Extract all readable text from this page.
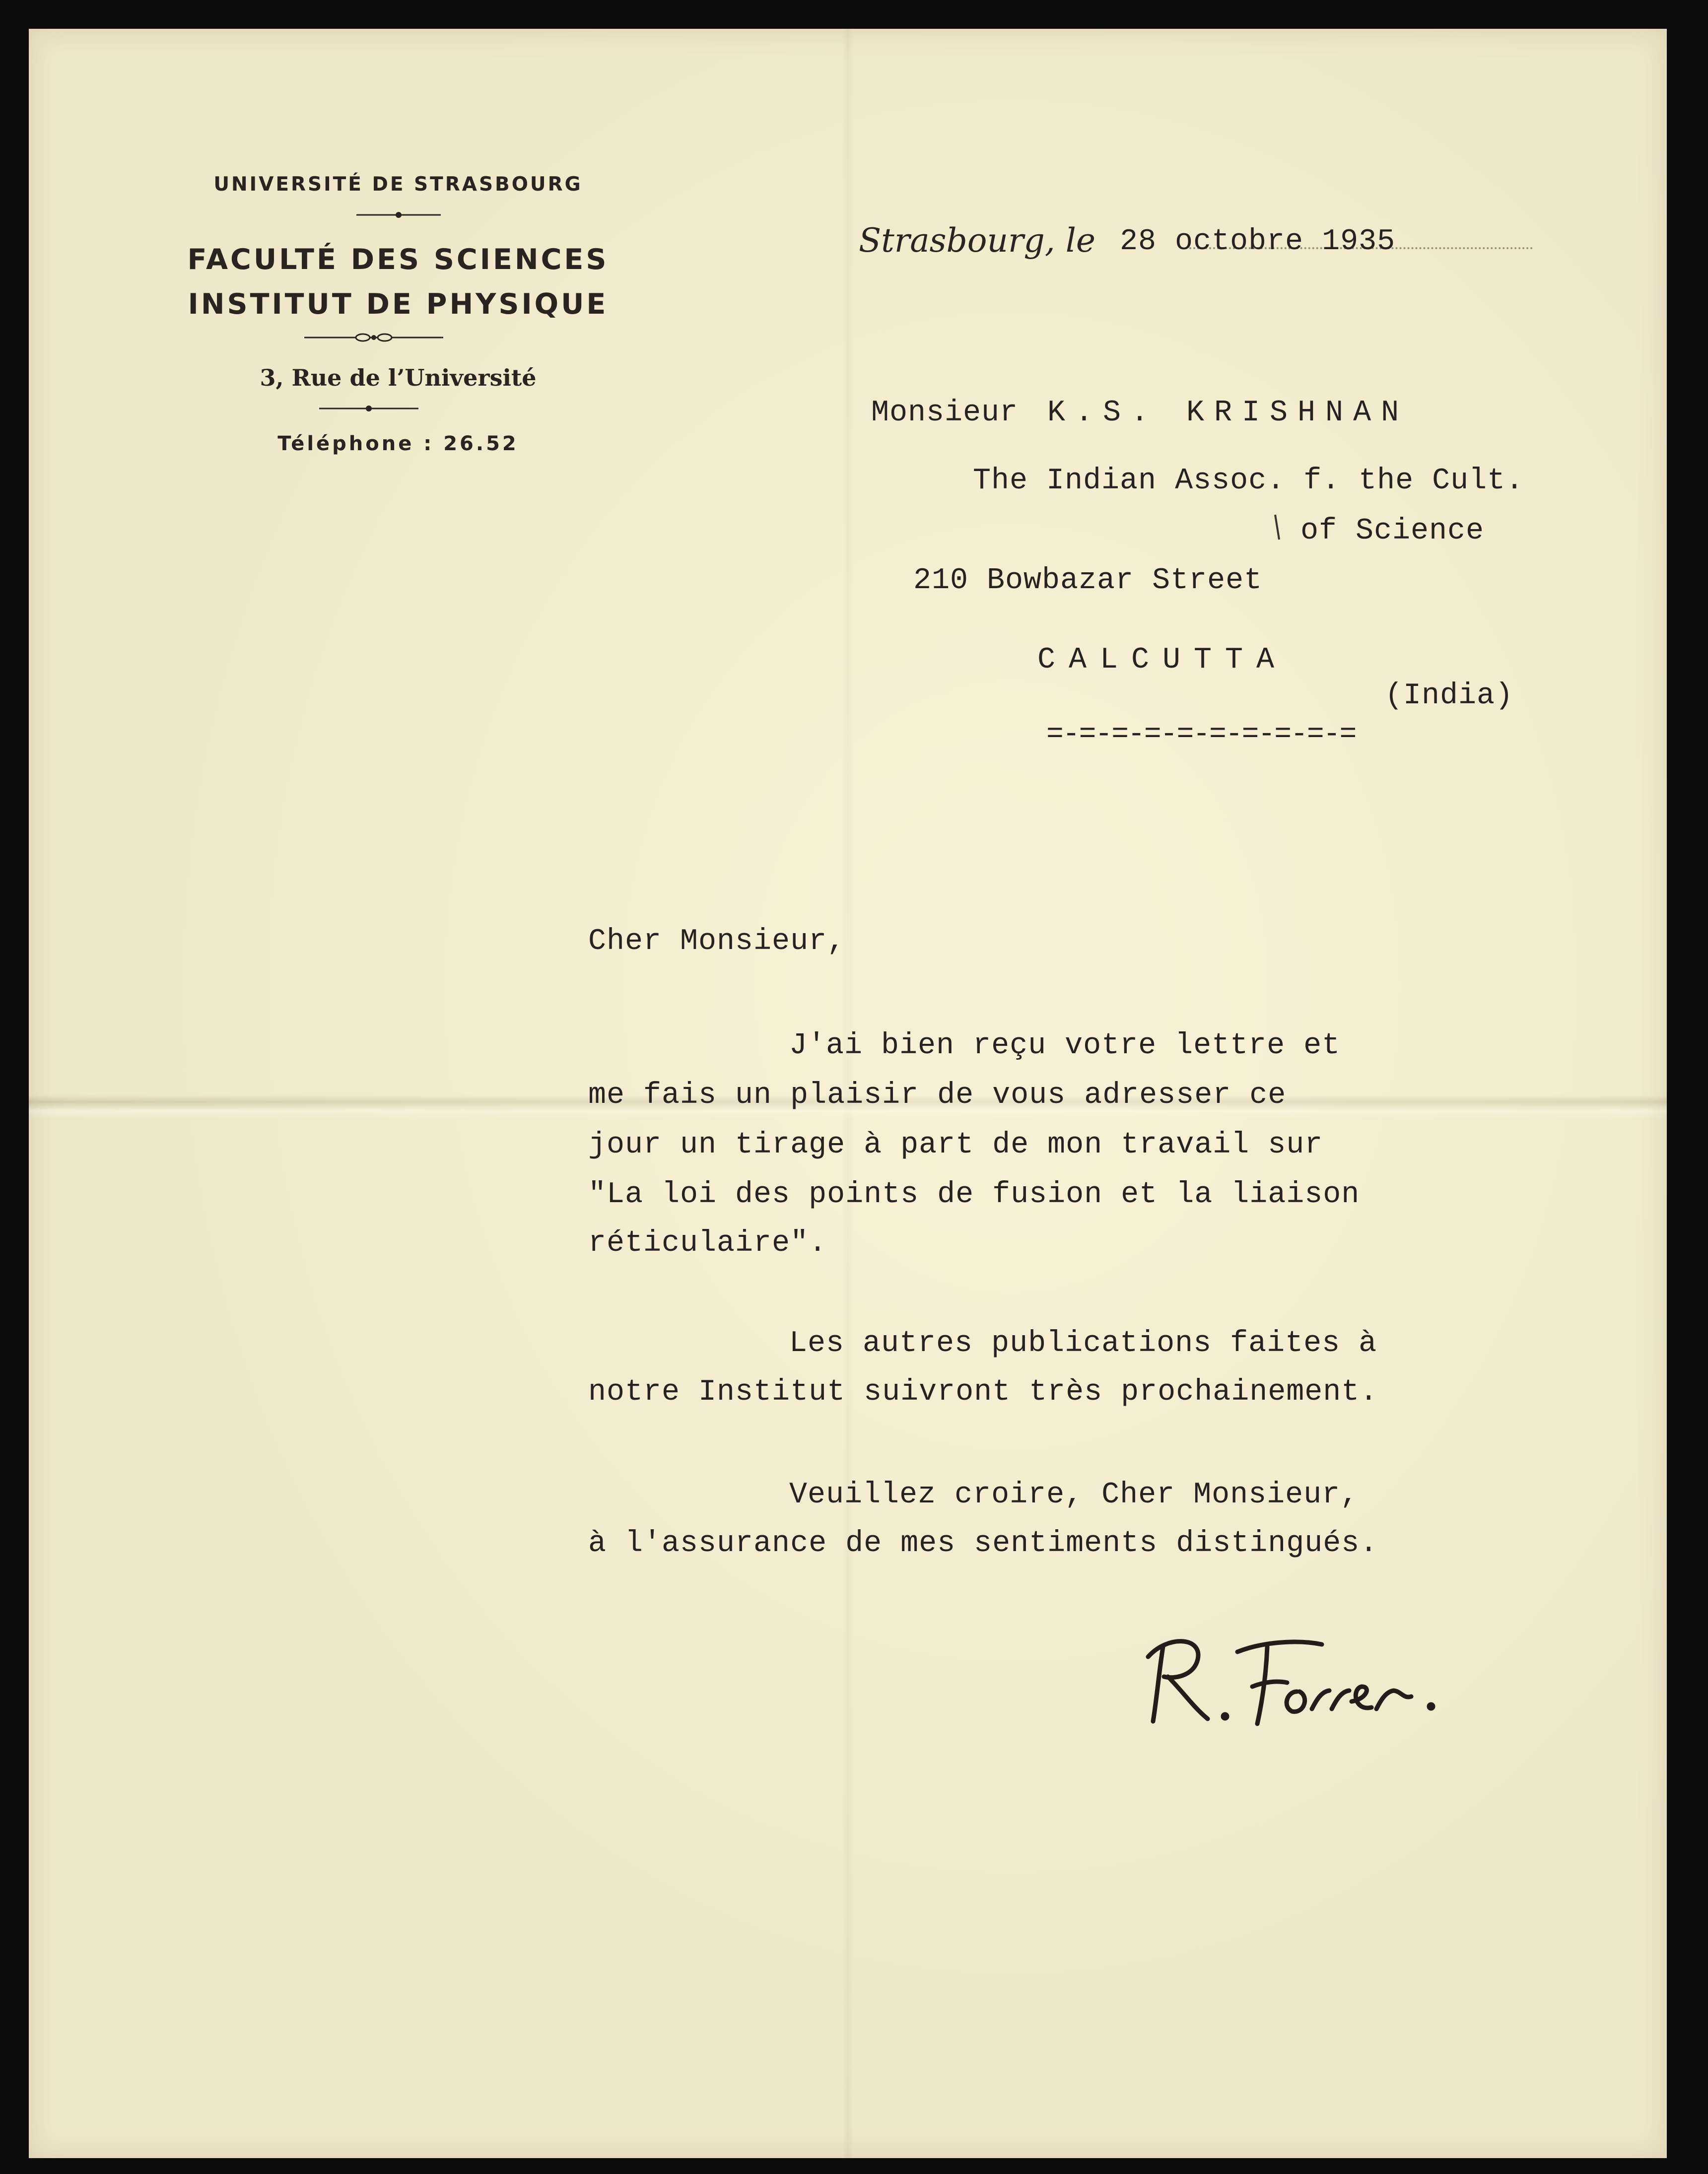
UNIVERSITÉ DE STRASBOURG
FACULTÉ DES SCIENCES
INSTITUT DE PHYSIQUE
3, Rue de l’Université
Téléphone : 26.52
Strasbourg, le 28 octobre 1935
Monsieur K.S. KRISHNAN
The Indian Assoc. f. the Cult.
of Science
210 Bowbazar Street
CALCUTTA
=-=-=-=-=-=-=-=-=-=
(India)
Cher Monsieur,
J'ai bien reçu votre lettre et
me fais un plaisir de vous adresser ce
jour un tirage à part de mon travail sur
"La loi des points de fusion et la liaison
réticulaire".
Les autres publications faites à
notre Institut suivront très prochainement.
Veuillez croire, Cher Monsieur,
à l'assurance de mes sentiments distingués.
